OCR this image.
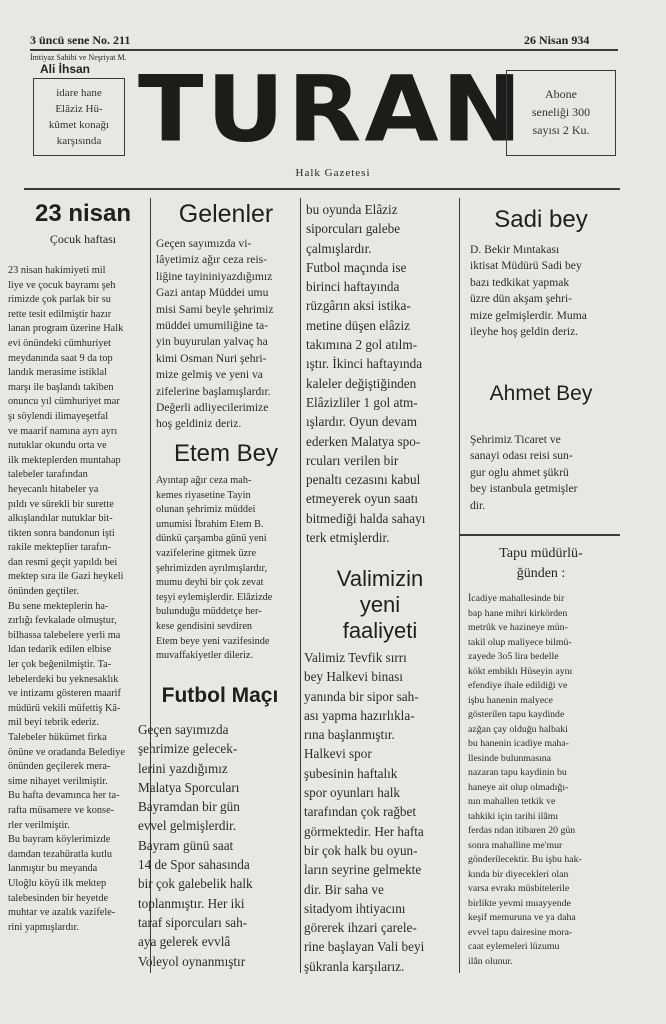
3 üncü sene No. 211	26 Nisan 934
İmtiyaz Sahibi ve Neşriyat M.
Ali İhsan
idare hane
Elâziz Hü-
kûmet konağı
karşısında TURAN	Abone
seneliği 300
sayısı 2 Ku.
Halk Gazetesi
23 nisan
Çocuk haftası
23 nisan hakimiyeti mil
liye ve çocuk bayramı şeh
rimizde çok parlak bir su
rette tesit edilmiştir hazır
lanan program üzerine Halk
evi önündeki cümhuriyet
meydanında saat 9 da top
landık merasime istiklal
marşı ile başlandı takiben
onuncu yıl cümhuriyet mar
şı söylendi ilimayeşetfal
ve maarif namına ayrı ayrı
nutuklar okundu orta ve
ilk mekteplerden muntahap
talebeler tarafından
heyecanlı hitabeler ya
pıldı ve sürekli bir surette
alkışlandılar nutuklar bit-
tikten sonra bandonun işti
rakile mekteplier tarafın-
dan resmi geçit yapıldı bei
mektep sıra ile Gazi heykeli
önünden geçtiler.
Bu sene mekteplerin ha-
zırlığı fevkalade olmuştur,
bilhassa talebelere yerli ma
ldan tedarik edilen elbise
ler çok beğenilmiştir. Ta-
lebelerdeki bu yeknesaklık
ve intizamı gösteren maarif
müdürü vekili müfettiş Kâ-
mil beyi tebrik ederiz.
Talebeler hükümet firka
önüne ve oradanda Belediye
önünden geçilerek mera-
sime nihayet verilmiştir.
Bu hafta devamınca her ta-
rafta müsamere ve konse-
rler verilmiştir.
Bu bayram köylerimizde
damdan tezahüratla kutlu
lanmıştır bu meyanda
Uloğlu köyü ilk mektep
talebesinden bir heyetde
muhtar ve azalık vazifele-
rini yapmışlardır.
Gelenler
Geçen sayımızda vi-
lâyetimiz ağır ceza reis-
liğine tayininiyazdığımız
Gazi antap Müddei umu
misi Sami beyle şehrimiz
müddei umumiliğine ta-
yin buyurulan yalvaç ha
kimi Osman Nuri şehri-
mize gelmiş ve yeni va
zifelerine başlamışlardır.
Değerli adliyecilerimize
hoş geldiniz deriz.
Etem Bey
Ayıntap ağır ceza mah-
kemes riyasetine Tayin
olunan şehrimiz müddei
umumisi İbrahim Etem B.
dünkü çarşamba günü yeni
vazifelerine gitmek üzre
şehrimizden ayrılmışlardır,
mumu deyhi bir çok zevat
teşyi eylemişlerdir. Elâzizde
bulunduğu müddetçe her-
kese gendisini sevdiren
Etem beye yeni vazifesinde
muvaffakiyetler dileriz.
Futbol Maçı
Geçen sayımızda
şehrimize gelecek-
lerini yazdığımız
Malatya Sporcuları
Bayramdan bir gün
evvel gelmişlerdir.
Bayram günü saat
14 de Spor sahasında
bir çok galebelik halk
toplanmıştır. Her iki
taraf siporcuları sah-
aya gelerek evvlâ
Voleyol oynanmıştır
bu oyunda Elâziz
siporcuları galebe
çalmışlardır.
Futbol maçında ise
birinci haftayında
rüzgârın aksi istika-
metine düşen elâziz
takımına 2 gol atılm-
ıştır. İkinci haftayında
kaleler değiştiğinden
Elâzizliler 1 gol atm-
ışlardır. Oyun devam
ederken Malatya spo-
rcuları verilen bir
penaltı cezasını kabul
etmeyerek oyun saatı
bitmediği halda sahayı
terk etmişlerdir.
Valimizin
yeni
faaliyeti
Valimiz Tevfik sırrı
bey Halkevi binası
yanında bir sipor sah-
ası yapma hazırlıkla-
rına başlanmıştır.
Halkevi spor
şubesinin haftalık
spor oyunları halk
tarafından çok rağbet
görmektedir. Her hafta
bir çok halk bu oyun-
ların seyrine gelmekte
dir. Bir saha ve
sitadyom ihtiyacını
görerek ihzari çarele-
rine başlayan Vali beyi
şükranla karşılarız.
Sadi bey
D. Bekir Mıntakası
iktisat Müdürü Sadi bey
bazı tedkikat yapmak
üzre dün akşam şehri-
mize gelmişlerdir. Muma
ileyhe hoş geldin deriz.
Ahmet Bey
Şehrimiz Ticaret ve
sanayi odası reisi sun-
gur oglu ahmet şükrü
bey istanbula getmişler
dir.
Tapu müdürlü-
ğünden :
İcadiye mahallesinde bir
bap hane mihri kirkörden
metrûk ve hazineye mün-
takil olup maliyece bilmü-
zayede 3o5 lira bedelle
kökt embiklı Hüseyin aynı
efendiye ihale edildiği ve
işbu hanenin malyece
gösterilen tapu kaydinde
azğan çay olduğu halbaki
bu hanenin icadiye maha-
llesinde bulunmasına
nazaran tapu kaydinin bu
haneye ait olup olmadığı-
nın mahallen tetkik ve
tahkiki için tarihi ilâmı
ferdas ndan itibaren 20 gün
sonra mahalline me'mur
gönderilecektir. Bu işbu hak-
kında bir diyecekleri olan
varsa evrakı müsbitelerile
birlikte yevmi muayyende
keşif memuruna ve ya daha
evvel tapu dairesine mora-
caat eylemeleri lüzumu
ilân olunur.
